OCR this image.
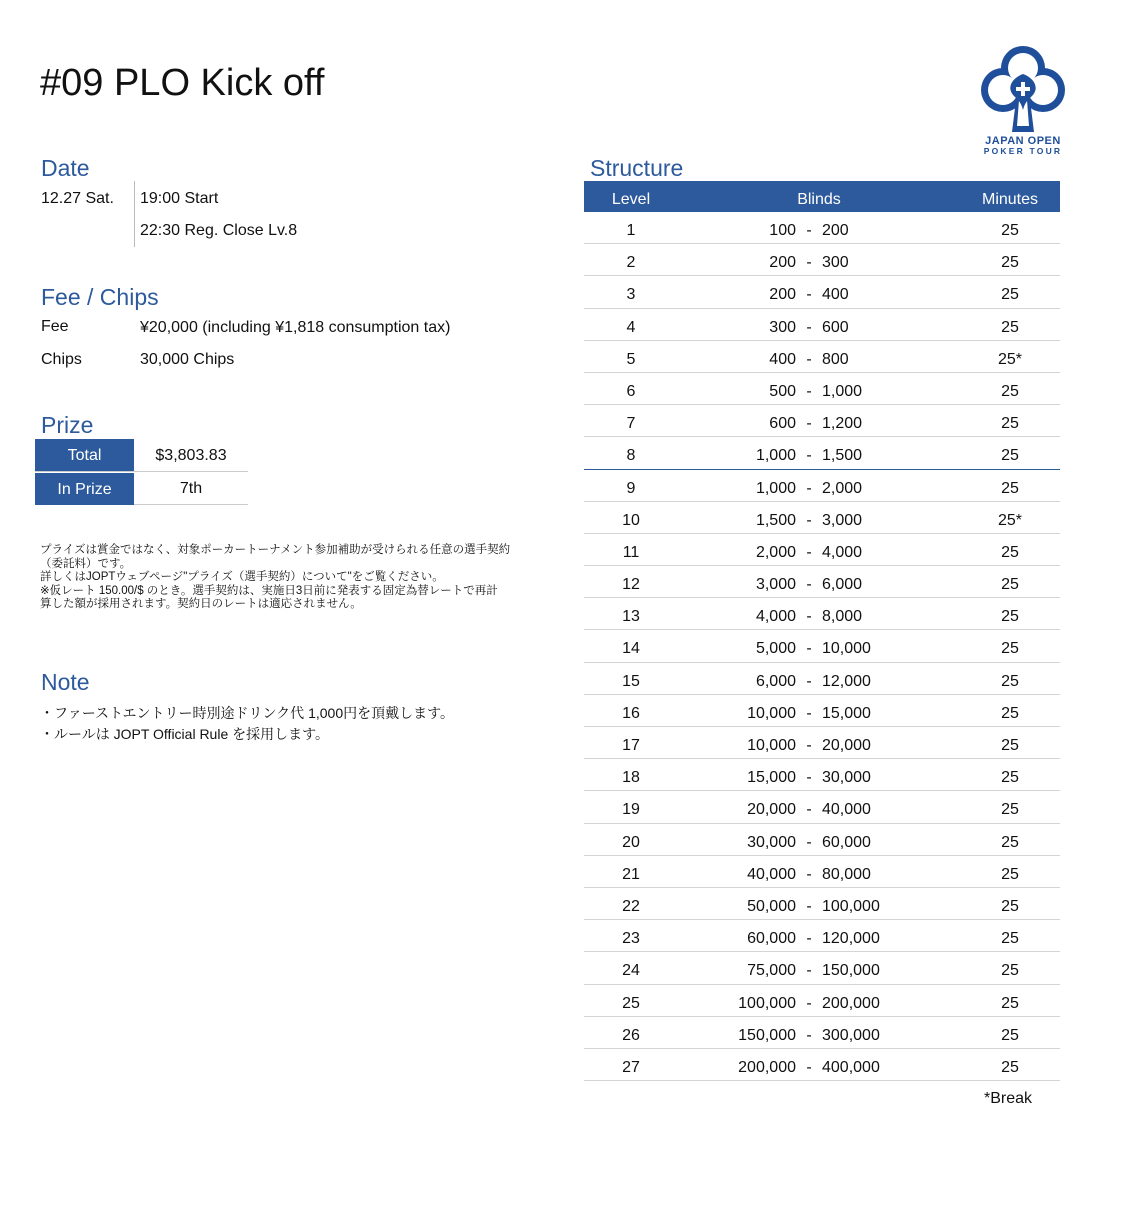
#09 PLO Kick off
JAPAN OPEN
POKER TOUR
Date
12.27 Sat. 19:00 Start
22:30 Reg. Close Lv.8
Fee / Chips
Fee	¥20,000 (including ¥1,818 consumption tax)
Chips	30,000 Chips
Prize
Total	$3,803.83
In Prize	7th
プライズは賞金ではなく、対象ポーカートーナメント参加補助が受けられる任意の選手契約
（委託料）です。
詳しくはJOPTウェブページ"プライズ（選手契約）について"をご覧ください。
※仮レート 150.00/$ のとき。選手契約は、実施日3日前に発表する固定為替レートで再計
算した額が採用されます。契約日のレートは適応されません。
Note
・ファーストエントリー時別途ドリンク代 1,000円を頂戴します。
・ルールは JOPT Official Rule を採用します。
Structure
Level	Blinds	Minutes
1	100 - 200	25
2	200 - 300	25
3	200 - 400	25
4	300 - 600	25
5	400 - 800	25*
6	500 - 1,000	25
7	600 - 1,200	25
8	1,000 - 1,500	25
9	1,000 - 2,000	25
10	1,500 - 3,000	25*
11	2,000 - 4,000	25
12	3,000 - 6,000	25
13	4,000 - 8,000	25
14	5,000 - 10,000	25
15	6,000 - 12,000	25
16	10,000 - 15,000	25
17	10,000 - 20,000	25
18	15,000 - 30,000	25
19	20,000 - 40,000	25
20	30,000 - 60,000	25
21	40,000 - 80,000	25
22	50,000 - 100,000	25
23	60,000 - 120,000	25
24	75,000 - 150,000	25
25	100,000 - 200,000	25
26	150,000 - 300,000	25
27	200,000 - 400,000	25
*Break
